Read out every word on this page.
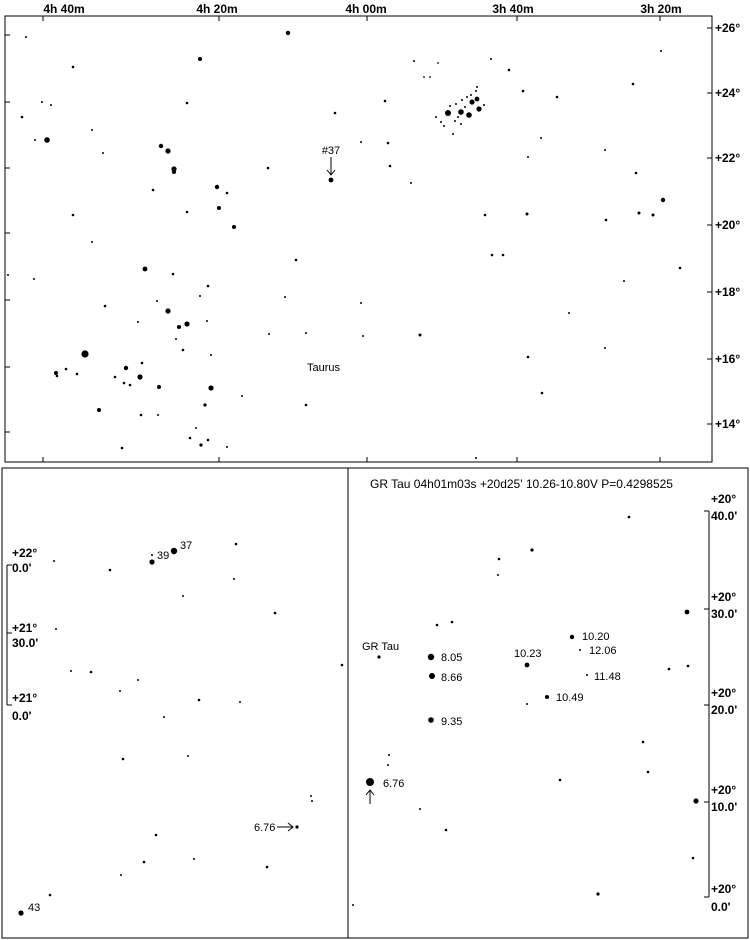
4h 40m	4h 20m	4h 00m	3h 40m	3h 20m
+26°
+24°
+22°
+20°
+18°
+16°
+14°
#37
Taurus
+22°
0.0'
+21°
30.0'
+21°
0.0'
37
39
43
6.76
GR Tau 04h01m03s +20d25' 10.26-10.80V P=0.4298525
+20°
40.0'
+20°
30.0'
+20°
20.0'
+20°
10.0'
+20°
0.0'
GR Tau
8.05
8.66
9.35
10.23
10.20
12.06
11.48
10.49
6.76
